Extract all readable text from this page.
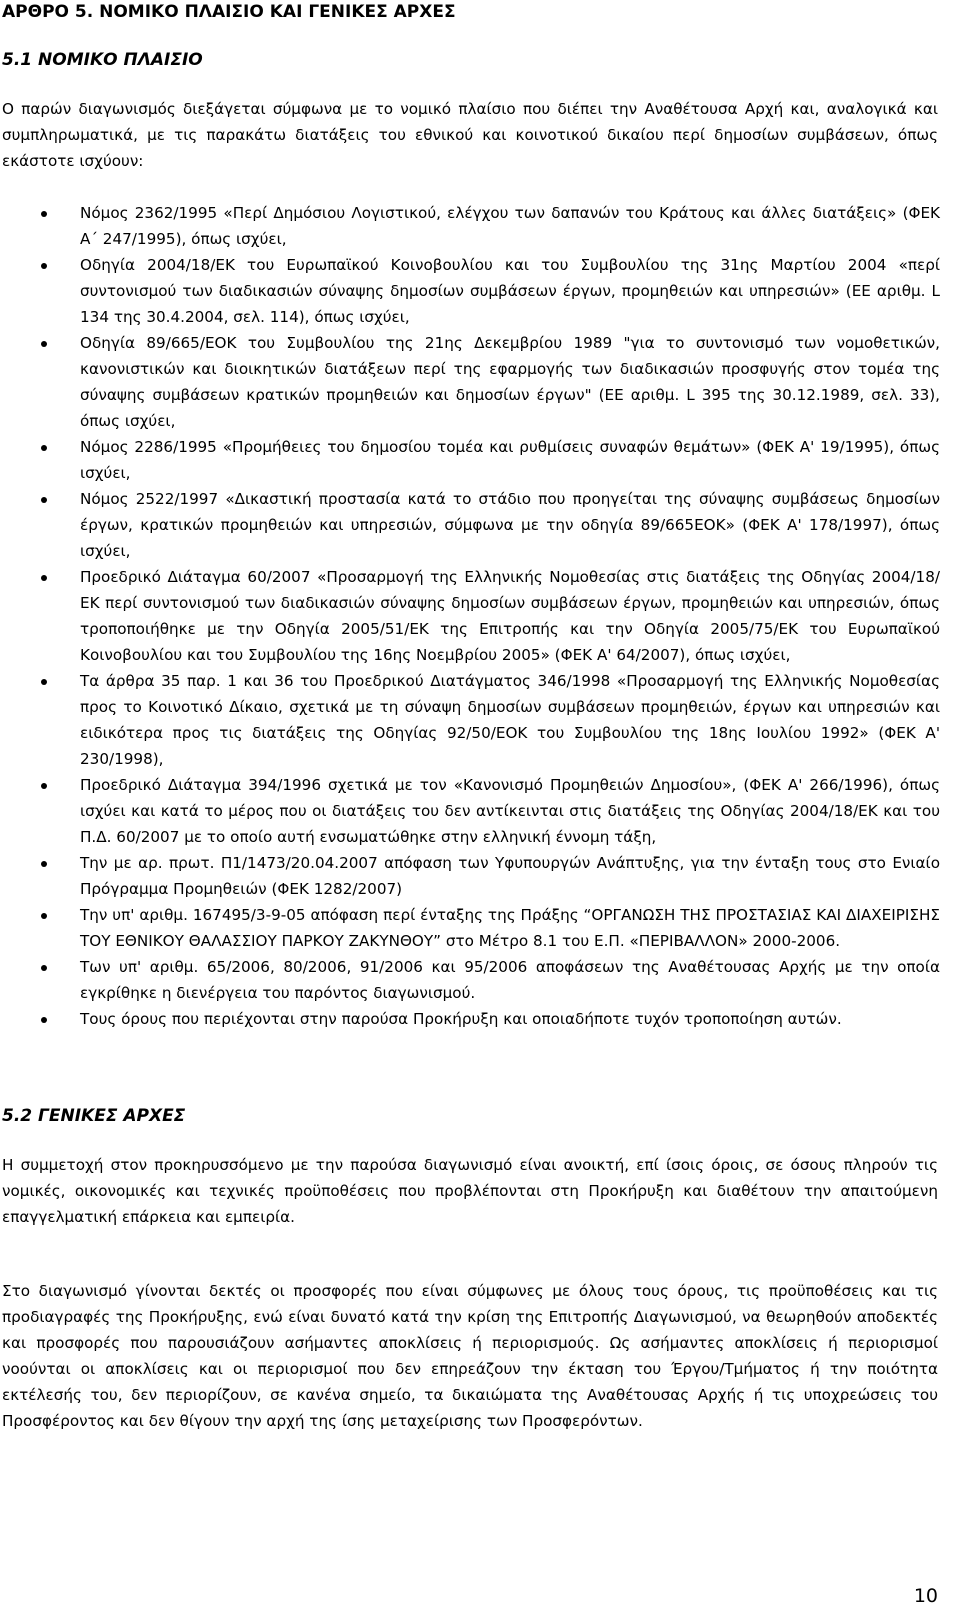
ΑΡΘΡΟ 5. ΝΟΜΙΚΟ ΠΛΑΙΣΙΟ ΚΑΙ ΓΕΝΙΚΕΣ ΑΡΧΕΣ
5.1 ΝΟΜΙΚΟ ΠΛΑΙΣΙΟ

Ο παρών διαγωνισμός διεξάγεται σύμφωνα με το νομικό πλαίσιο που διέπει την Αναθέτουσα Αρχή και, αναλογικά και συμπληρωματικά, με τις παρακάτω διατάξεις του εθνικού και κοινοτικού δικαίου περί δημοσίων συμβάσεων, όπως εκάστοτε ισχύουν:

Νόμος 2362/1995 «Περί Δημόσιου Λογιστικού, ελέγχου των δαπανών του Κράτους και άλλες διατάξεις» (ΦΕΚ Α΄ 247/1995), όπως ισχύει,
Οδηγία 2004/18/ΕΚ του Ευρωπαϊκού Κοινοβουλίου και του Συμβουλίου της 31ης Μαρτίου 2004 «περί συντονισμού των διαδικασιών σύναψης δημοσίων συμβάσεων έργων, προμηθειών και υπηρεσιών» (ΕΕ αριθμ. L 134 της 30.4.2004, σελ. 114), όπως ισχύει,
Οδηγία 89/665/ΕΟΚ του Συμβουλίου της 21ης Δεκεμβρίου 1989 "για το συντονισμό των νομοθετικών, κανονιστικών και διοικητικών διατάξεων περί της εφαρμογής των διαδικασιών προσφυγής στον τομέα της σύναψης συμβάσεων κρατικών προμηθειών και δημοσίων έργων" (ΕΕ αριθμ. L 395 της 30.12.1989, σελ. 33), όπως ισχύει,
Νόμος 2286/1995 «Προμήθειες του δημοσίου τομέα και ρυθμίσεις συναφών θεμάτων» (ΦΕΚ Α' 19/1995), όπως ισχύει,
Νόμος 2522/1997 «Δικαστική προστασία κατά το στάδιο που προηγείται της σύναψης συμβάσεως δημοσίων έργων, κρατικών προμηθειών και υπηρεσιών, σύμφωνα με την οδηγία 89/665ΕΟΚ» (ΦΕΚ Α' 178/1997), όπως ισχύει,
Προεδρικό Διάταγμα 60/2007 «Προσαρμογή της Ελληνικής Νομοθεσίας στις διατάξεις της Οδηγίας 2004/18/ΕΚ περί συντονισμού των διαδικασιών σύναψης δημοσίων συμβάσεων έργων, προμηθειών και υπηρεσιών, όπως τροποποιήθηκε με την Οδηγία 2005/51/ΕΚ της Επιτροπής και την Οδηγία 2005/75/ΕΚ του Ευρωπαϊκού Κοινοβουλίου και του Συμβουλίου της 16ης Νοεμβρίου 2005» (ΦΕΚ Α' 64/2007), όπως ισχύει,
Τα άρθρα 35 παρ. 1 και 36 του Προεδρικού Διατάγματος 346/1998 «Προσαρμογή της Ελληνικής Νομοθεσίας προς το Κοινοτικό Δίκαιο, σχετικά με τη σύναψη δημοσίων συμβάσεων προμηθειών, έργων και υπηρεσιών και ειδικότερα προς τις διατάξεις της Οδηγίας 92/50/ΕΟΚ του Συμβουλίου της 18ης Ιουλίου 1992» (ΦΕΚ Α' 230/1998),
Προεδρικό Διάταγμα 394/1996 σχετικά με τον «Κανονισμό Προμηθειών Δημοσίου», (ΦΕΚ Α' 266/1996), όπως ισχύει και κατά το μέρος που οι διατάξεις του δεν αντίκεινται στις διατάξεις της Οδηγίας 2004/18/ΕΚ και του Π.Δ. 60/2007 με το οποίο αυτή ενσωματώθηκε στην ελληνική έννομη τάξη,
Την με αρ. πρωτ. Π1/1473/20.04.2007 απόφαση των Υφυπουργών Ανάπτυξης, για την ένταξη τους στο Ενιαίο Πρόγραμμα Προμηθειών (ΦΕΚ 1282/2007)
Την υπ' αριθμ. 167495/3-9-05 απόφαση περί ένταξης της Πράξης “ΟΡΓΑΝΩΣΗ ΤΗΣ ΠΡΟΣΤΑΣΙΑΣ ΚΑΙ ΔΙΑΧΕΙΡΙΣΗΣ ΤΟΥ ΕΘΝΙΚΟΥ ΘΑΛΑΣΣΙΟΥ ΠΑΡΚΟΥ ΖΑΚΥΝΘΟΥ” στο Μέτρο 8.1 του Ε.Π. «ΠΕΡΙΒΑΛΛΟΝ» 2000-2006.
Των υπ' αριθμ. 65/2006, 80/2006, 91/2006 και 95/2006 αποφάσεων της Αναθέτουσας Αρχής με την οποία εγκρίθηκε η διενέργεια του παρόντος διαγωνισμού.
Τους όρους που περιέχονται στην παρούσα Προκήρυξη και οποιαδήποτε τυχόν τροποποίηση αυτών.
5.2 ΓΕΝΙΚΕΣ ΑΡΧΕΣ

Η συμμετοχή στον προκηρυσσόμενο με την παρούσα διαγωνισμό είναι ανοικτή, επί ίσοις όροις, σε όσους πληρούν τις νομικές, οικονομικές και τεχνικές προϋποθέσεις που προβλέπονται στη Προκήρυξη και διαθέτουν την απαιτούμενη επαγγελματική επάρκεια και εμπειρία.

Στο διαγωνισμό γίνονται δεκτές οι προσφορές που είναι σύμφωνες με όλους τους όρους, τις προϋποθέσεις και τις προδιαγραφές της Προκήρυξης, ενώ είναι δυνατό κατά την κρίση της Επιτροπής Διαγωνισμού, να θεωρηθούν αποδεκτές και προσφορές που παρουσιάζουν ασήμαντες αποκλίσεις ή περιορισμούς. Ως ασήμαντες αποκλίσεις ή περιορισμοί νοούνται οι αποκλίσεις και οι περιορισμοί που δεν επηρεάζουν την έκταση του Έργου/Τμήματος ή την ποιότητα εκτέλεσής του, δεν περιορίζουν, σε κανένα σημείο, τα δικαιώματα της Αναθέτουσας Αρχής ή τις υποχρεώσεις του Προσφέροντος και δεν θίγουν την αρχή της ίσης μεταχείρισης των Προσφερόντων.

10
